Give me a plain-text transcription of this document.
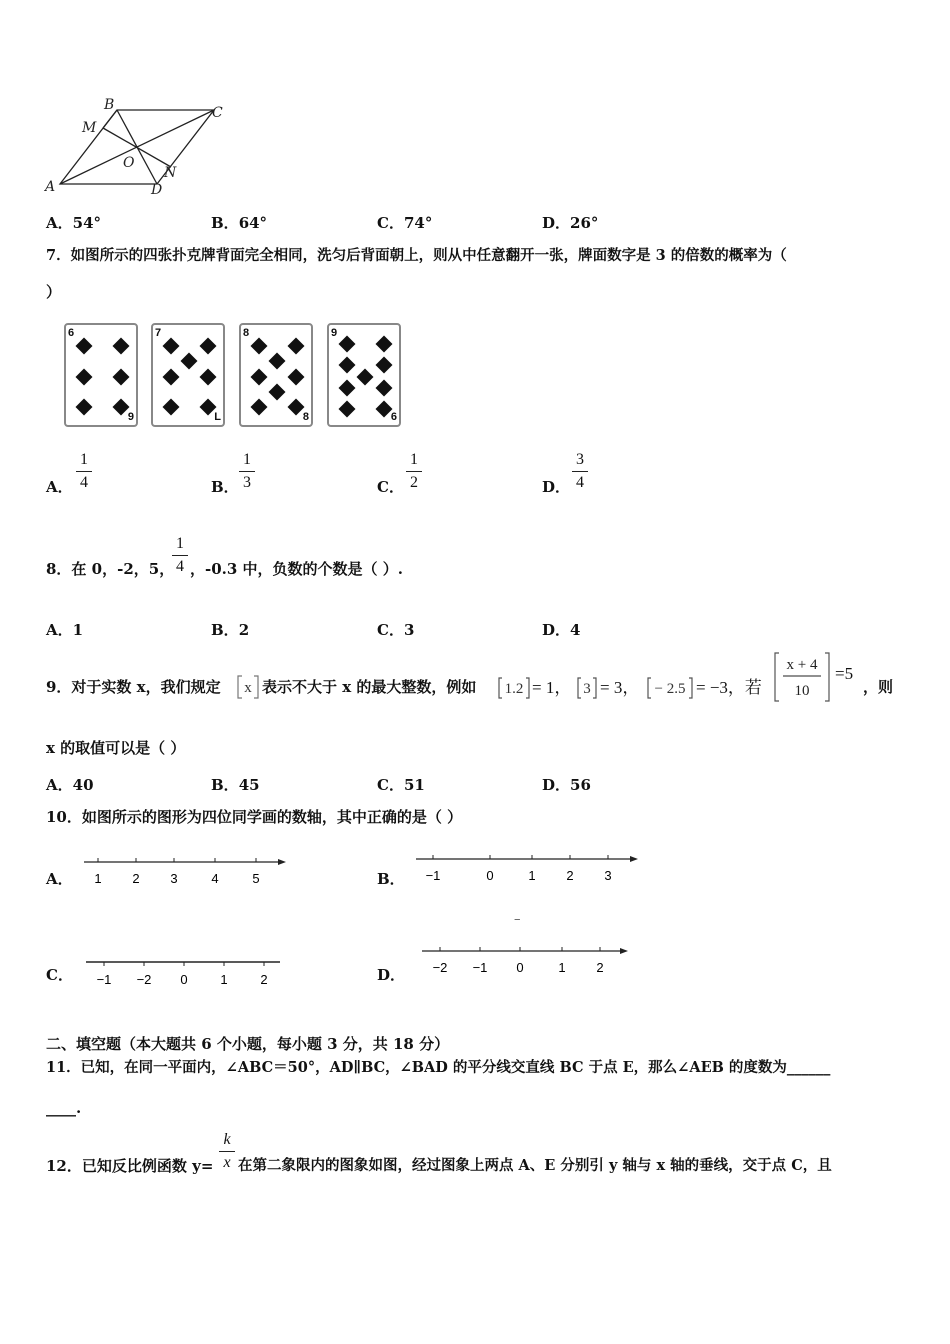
B	C
M
O
N
A	D
A．54°	B．64°	C．74°	D．26°
7．如图所示的四张扑克牌背面完全相同，洗匀后背面朝上，则从中任意翻开一张，牌面数字是 3 的倍数的概率为（
）
6
9
7
L
8
8
9
6
A．
1
4	B．
1
3	C．
1
2	D．
3
4
8．在 0，-2，5，
1
4 ，-0.3 中，负数的个数是（ ）.
A．1	B．2	C．3	D．4
9．对于实数 x，我们规定 x 表示不大于 x 的最大整数，例如 1.2 = 1， 3 = 3， − 2.5 = −3，若
x + 4
10
=5
，则
x 的取值可以是（ ）
A．40	B．45	C．51	D．56
10．如图所示的图形为四位同学画的数轴，其中正确的是（ ）
A． 1 2 3	4	5	B． −1	0	1 2 3
–
C． −1 −2 0	1	2	D． −2 −1 0	1 2
二、填空题（本大题共 6 个小题，每小题 3 分，共 18 分）
11．已知，在同一平面内，∠ABC＝50°，AD∥BC，∠BAD 的平分线交直线 BC 于点 E，那么∠AEB 的度数为______
____.
12．已知反比例函数 y=
k
x 在第二象限内的图象如图，经过图象上两点 A、E 分别引 y 轴与 x 轴的垂线，交于点 C，且
